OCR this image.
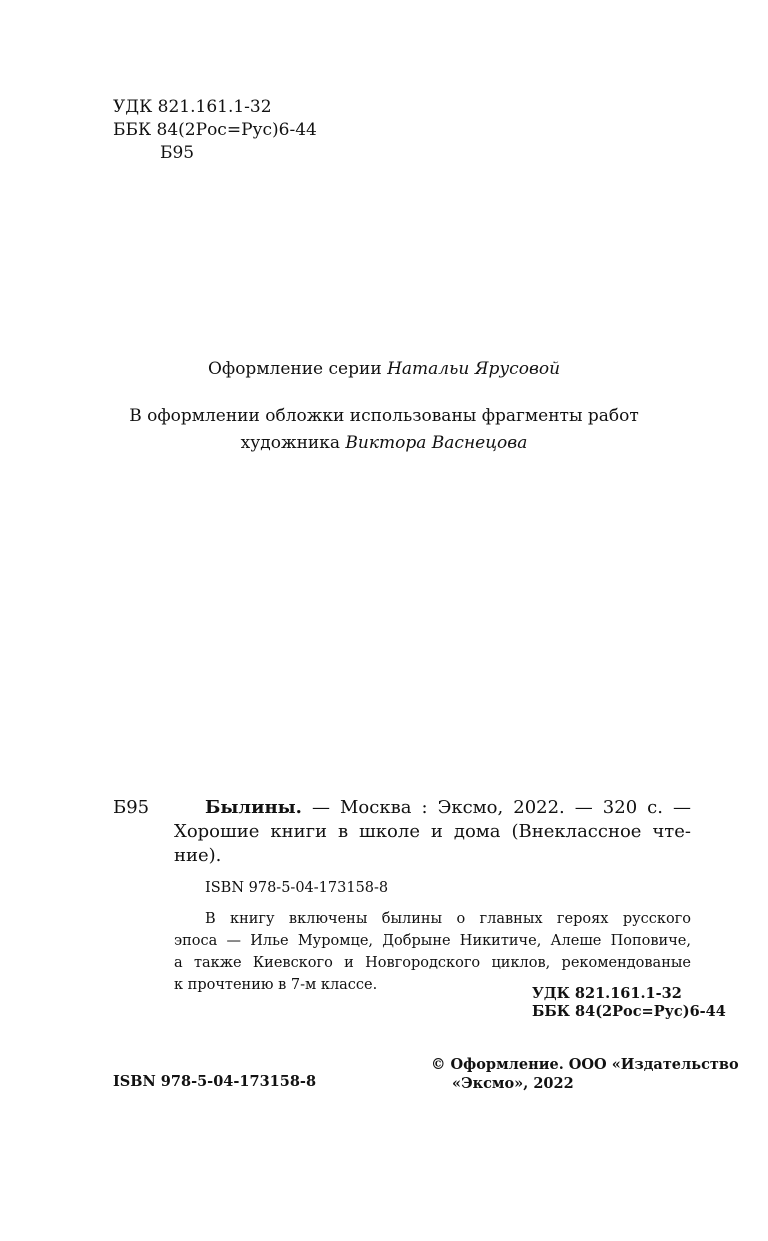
УДК 821.161.1-32
ББК 84(2Рос=Рус)6-44
Б95
Оформление серии Натальи Ярусовой
В оформлении обложки использованы фрагменты работ
художника Виктора Васнецова
Б95	Былины. — Москва : Эксмо, 2022. — 320 с. —
Хорошие книги в школе и дома (Внеклассное чте-
ние).
ISBN 978-5-04-173158-8
В книгу включены былины о главных героях русского
эпоса — Илье Муромце, Добрыне Никитиче, Алеше Поповиче,
а также Киевского и Новгородского циклов, рекомендованые
к прочтению в 7-м классе.	УДК 821.161.1-32
ББК 84(2Рос=Рус)6-44
ISBN 978-5-04-173158-8
© Оформление. ООО «Издательство
«Эксмо», 2022
